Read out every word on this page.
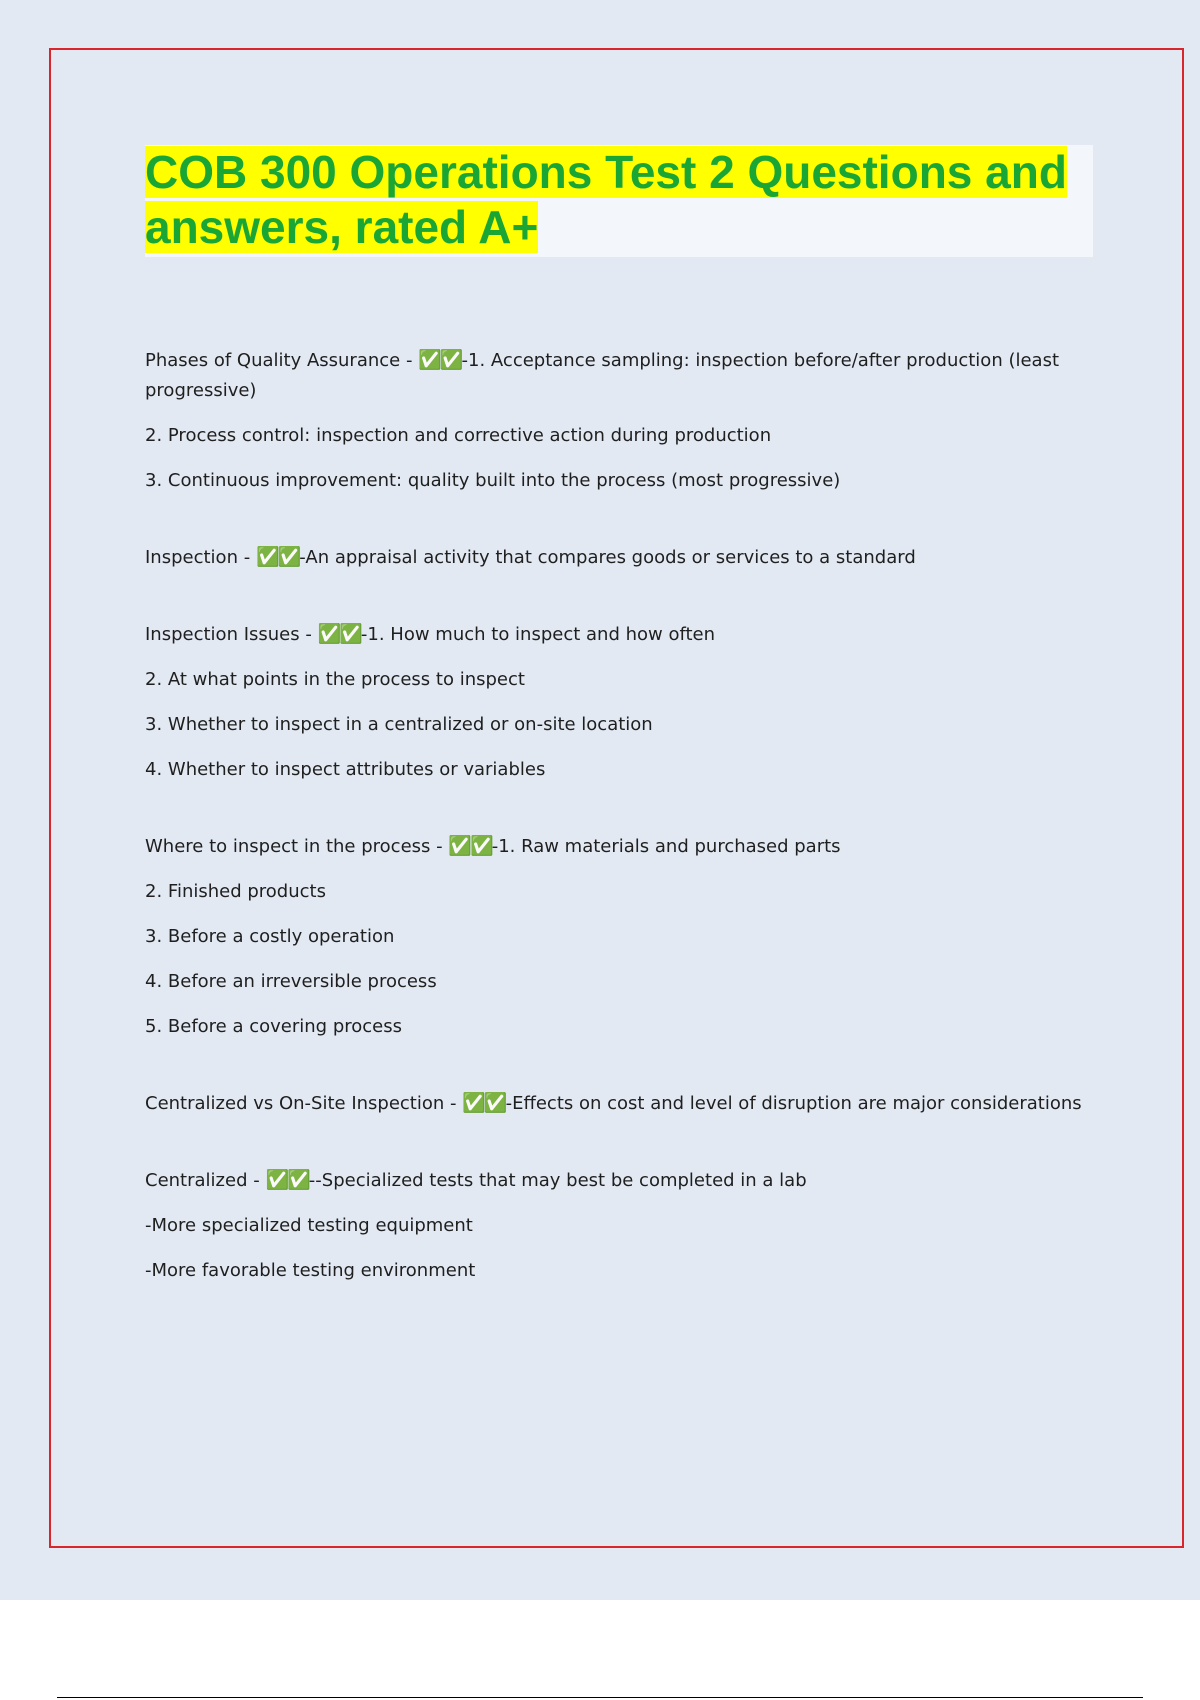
COB 300 Operations Test 2 Questions and answers, rated A+
Phases of Quality Assurance - ✅✅-1. Acceptance sampling: inspection before/after production (least progressive)
2. Process control: inspection and corrective action during production
3. Continuous improvement: quality built into the process (most progressive)
Inspection - ✅✅-An appraisal activity that compares goods or services to a standard
Inspection Issues - ✅✅-1. How much to inspect and how often
2. At what points in the process to inspect
3. Whether to inspect in a centralized or on-site location
4. Whether to inspect attributes or variables
Where to inspect in the process - ✅✅-1. Raw materials and purchased parts
2. Finished products
3. Before a costly operation
4. Before an irreversible process
5. Before a covering process
Centralized vs On-Site Inspection - ✅✅-Effects on cost and level of disruption are major considerations
Centralized - ✅✅--Specialized tests that may best be completed in a lab
-More specialized testing equipment
-More favorable testing environment
